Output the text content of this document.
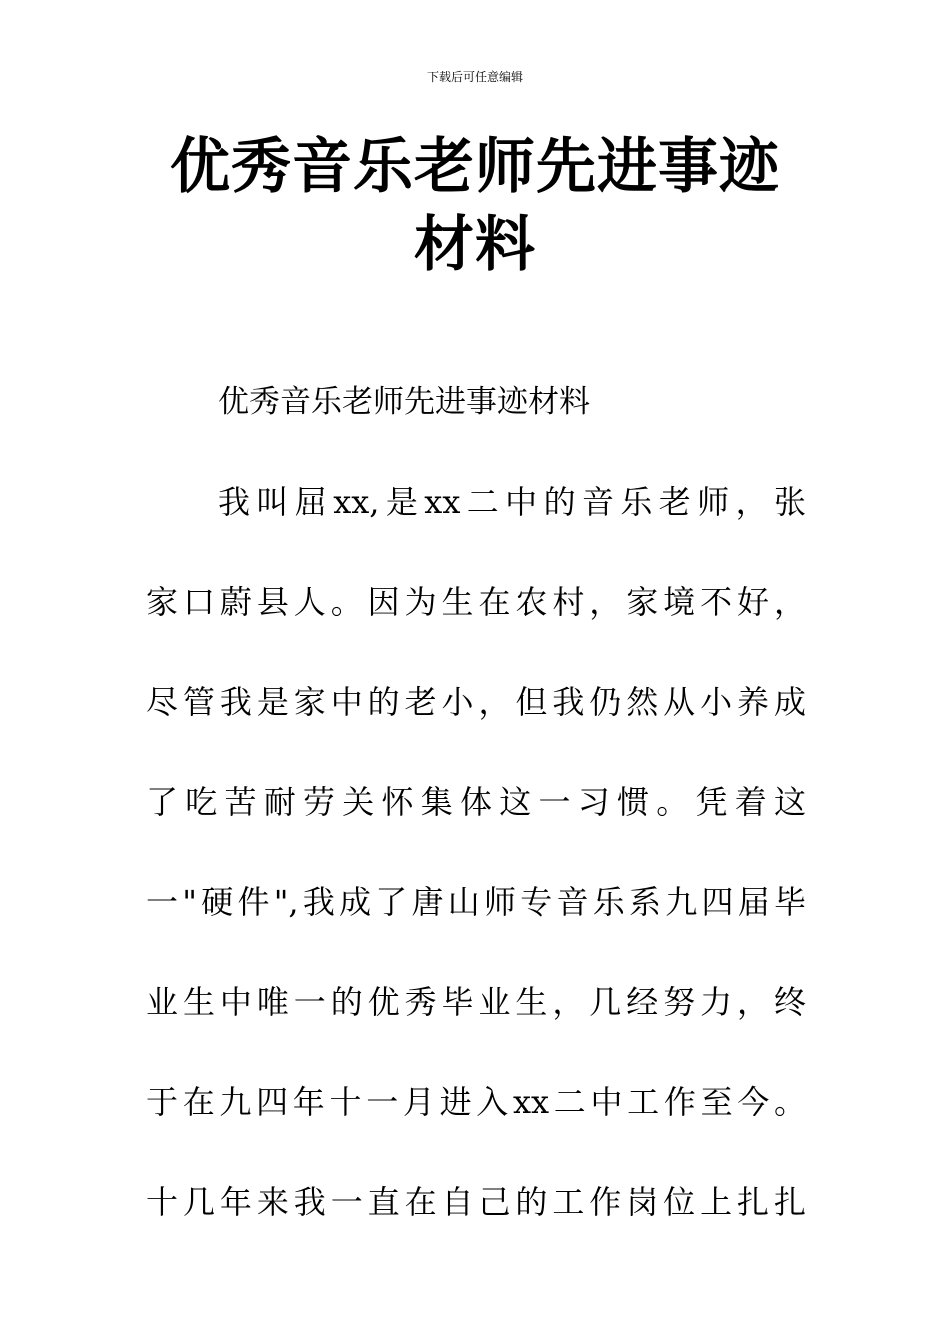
下载后可任意编辑
优秀音乐老师先进事迹材料

优秀音乐老师先进事迹材料

我叫屈xx,是xx二中的音乐老师，张
家口蔚县人。因为生在农村，家境不好，
尽管我是家中的老小，但我仍然从小养成
了吃苦耐劳关怀集体这一习惯。凭着这
一"硬件",我成了唐山师专音乐系九四届毕
业生中唯一的优秀毕业生，几经努力，终
于在九四年十一月进入xx二中工作至今。
十几年来我一直在自己的工作岗位上扎扎
